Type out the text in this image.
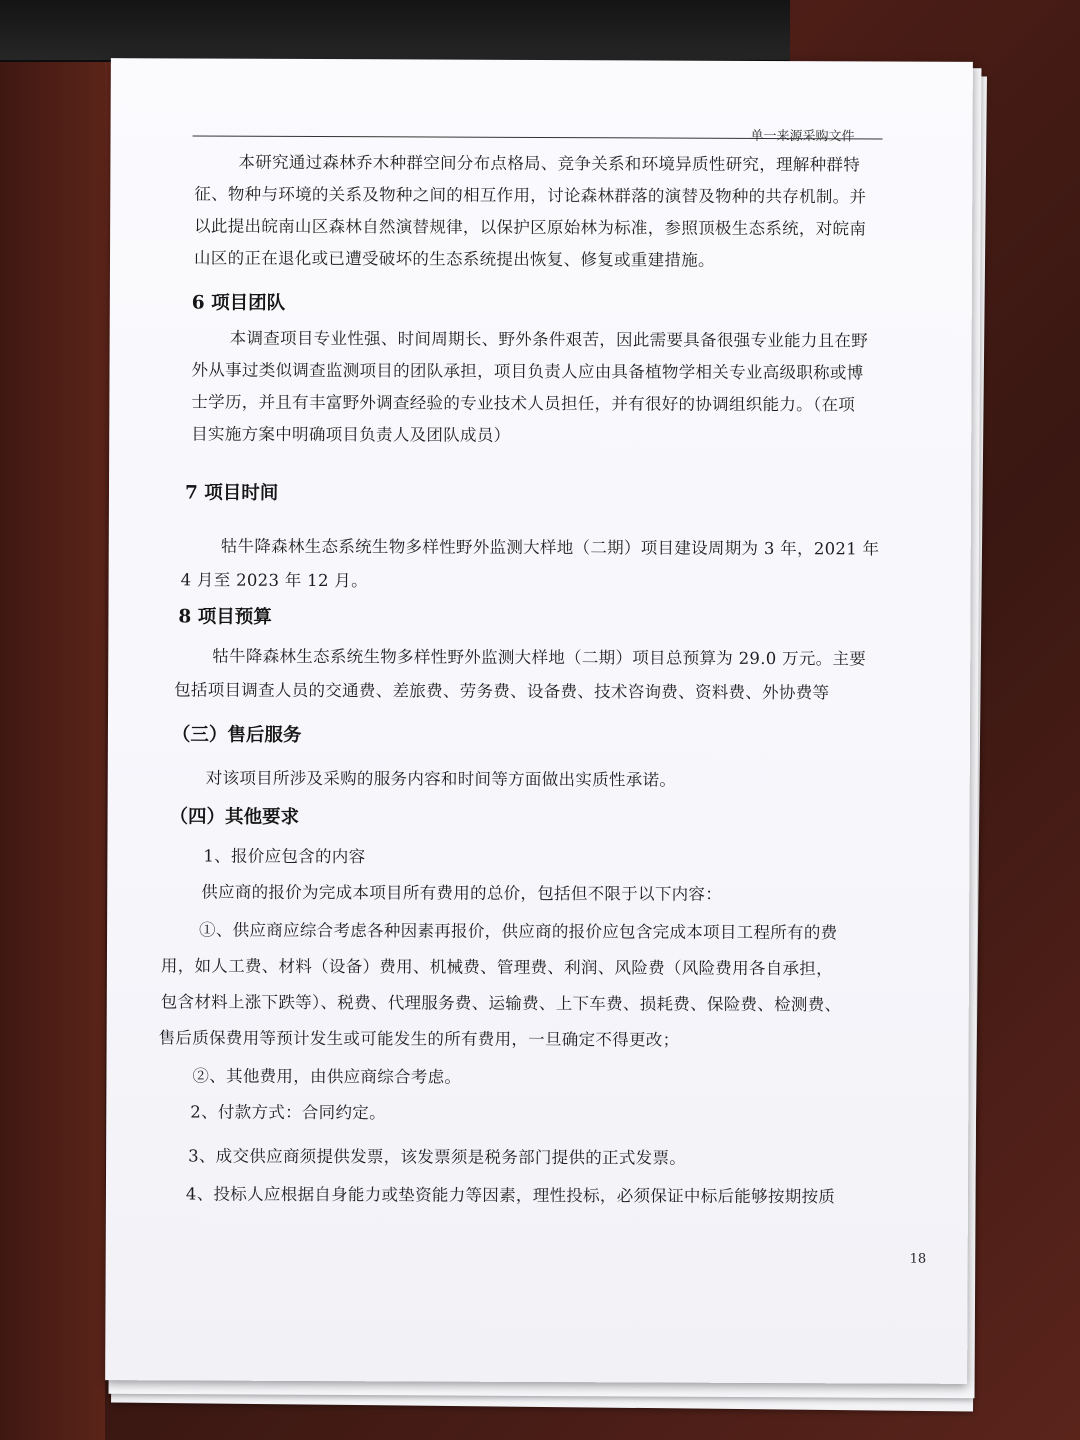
单一来源采购文件
本研究通过森林乔木种群空间分布点格局、竞争关系和环境异质性研究，理解种群特
征、物种与环境的关系及物种之间的相互作用，讨论森林群落的演替及物种的共存机制。并
以此提出皖南山区森林自然演替规律，以保护区原始林为标准，参照顶极生态系统，对皖南
山区的正在退化或已遭受破坏的生态系统提出恢复、修复或重建措施。
6 项目团队
本调查项目专业性强、时间周期长、野外条件艰苦，因此需要具备很强专业能力且在野
外从事过类似调查监测项目的团队承担，项目负责人应由具备植物学相关专业高级职称或博
士学历，并且有丰富野外调查经验的专业技术人员担任，并有很好的协调组织能力。（在项
目实施方案中明确项目负责人及团队成员）
7 项目时间
牯牛降森林生态系统生物多样性野外监测大样地（二期）项目建设周期为 3 年，2021 年
4 月至 2023 年 12 月。
8 项目预算
牯牛降森林生态系统生物多样性野外监测大样地（二期）项目总预算为 29.0 万元。主要
包括项目调查人员的交通费、差旅费、劳务费、设备费、技术咨询费、资料费、外协费等
（三）售后服务
对该项目所涉及采购的服务内容和时间等方面做出实质性承诺。
（四）其他要求
1、报价应包含的内容
供应商的报价为完成本项目所有费用的总价，包括但不限于以下内容：
①、供应商应综合考虑各种因素再报价，供应商的报价应包含完成本项目工程所有的费
用，如人工费、材料（设备）费用、机械费、管理费、利润、风险费（风险费用各自承担，
包含材料上涨下跌等）、税费、代理服务费、运输费、上下车费、损耗费、保险费、检测费、
售后质保费用等预计发生或可能发生的所有费用，一旦确定不得更改；
②、其他费用，由供应商综合考虑。
2、付款方式：合同约定。
3、成交供应商须提供发票，该发票须是税务部门提供的正式发票。
4、投标人应根据自身能力或垫资能力等因素，理性投标，必须保证中标后能够按期按质
18
